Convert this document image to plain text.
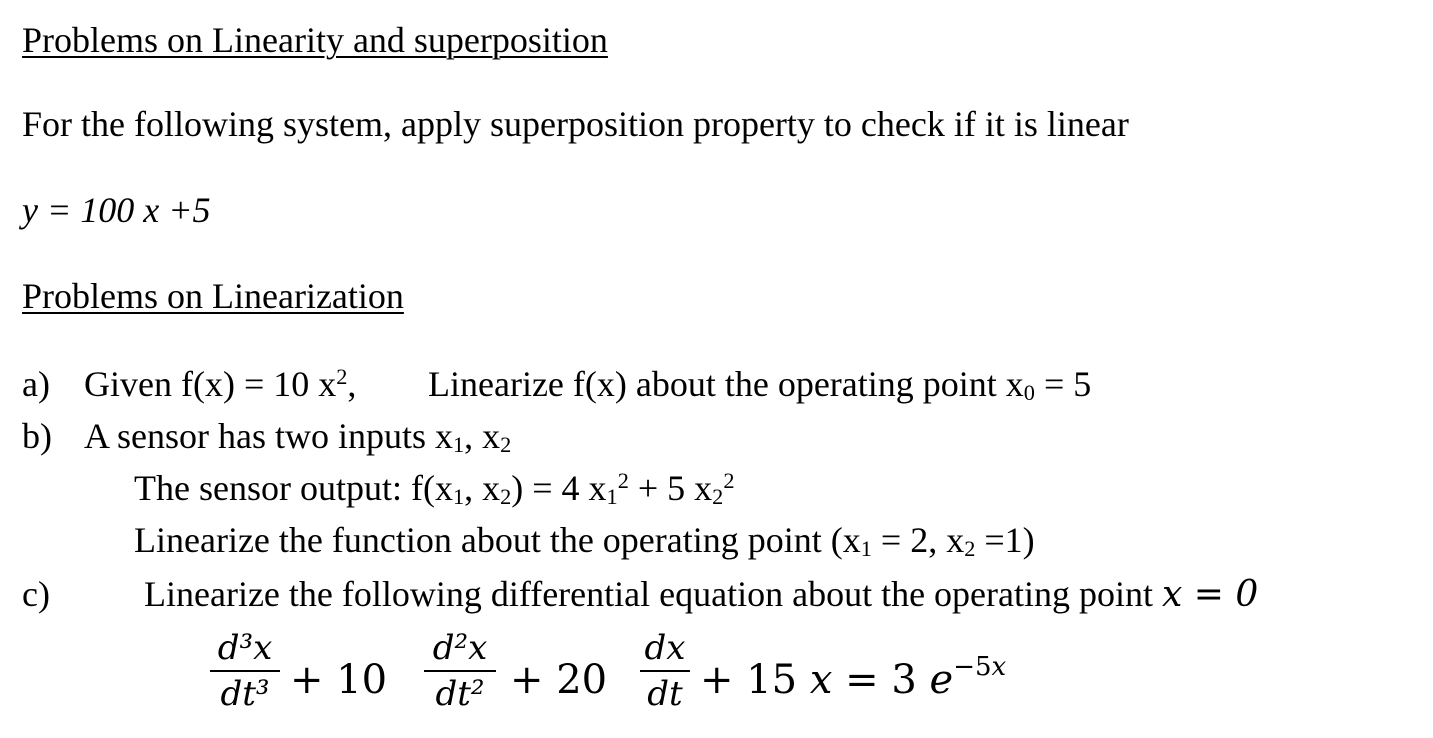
Problems on Linearity and superposition
For the following system, apply superposition property to check if it is linear
y = 100 x +5
Problems on Linearization
a) Given f(x) = 10 $x^2$, Linearize f(x) about the operating point $x_0 = 5$
b) A sensor has two inputs $x_1$, $x_2$
The sensor output: $f(x_1$, $x_2) = 4$ $x_1^2 + 5$ $x_2^2$
Linearize the function about the operating point ($x_1 = 2$, $x_2 =1$)
c)	Linearize the following differential equation about the operating point x = 0
d³x
dt³ + 10
d²x
dt² + 20
dx
dt + 15 𝑥 = 3 𝑒$^{-5𝑥}$
